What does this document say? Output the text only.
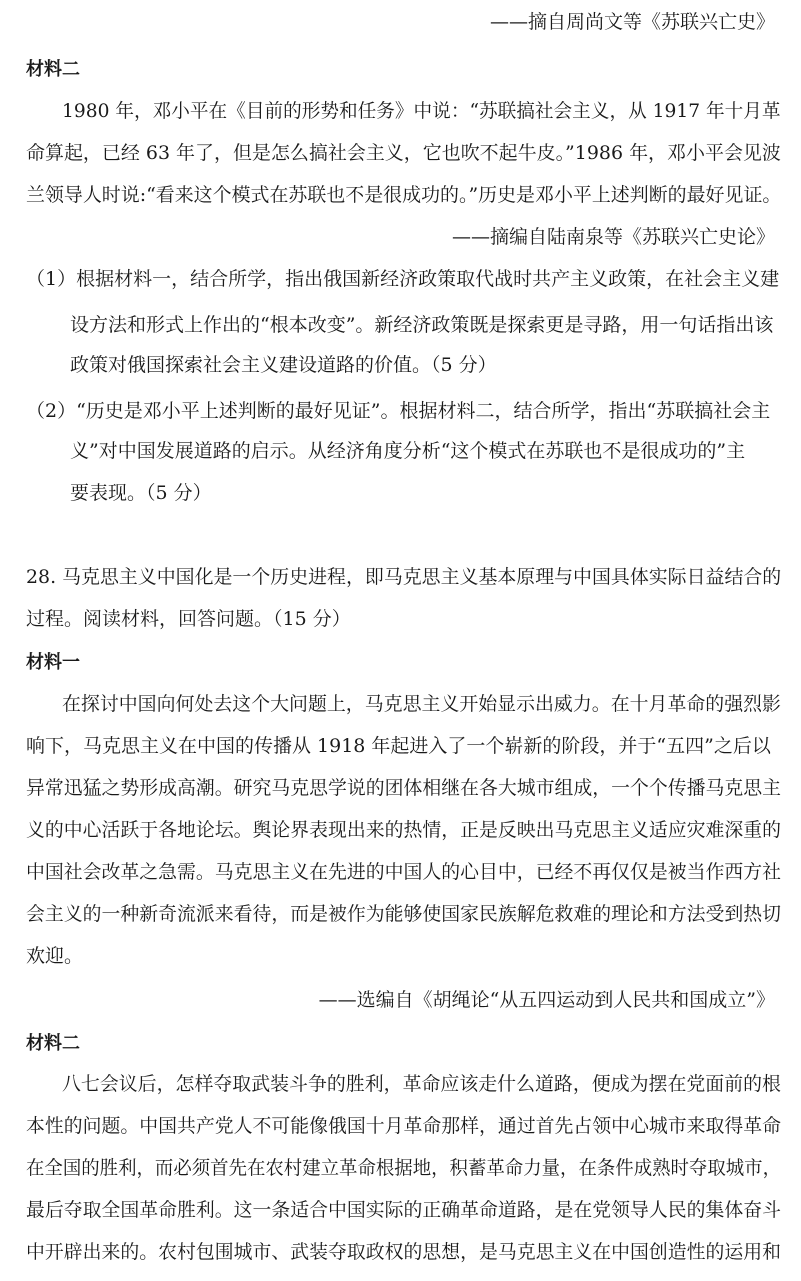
——摘自周尚文等《苏联兴亡史》
材料二
1980 年，邓小平在《目前的形势和任务》中说：“苏联搞社会主义，从 1917 年十月革
命算起，已经 63 年了，但是怎么搞社会主义，它也吹不起牛皮。”1986 年，邓小平会见波
兰领导人时说:“看来这个模式在苏联也不是很成功的。”历史是邓小平上述判断的最好见证。
——摘编自陆南泉等《苏联兴亡史论》
（1）根据材料一，结合所学，指出俄国新经济政策取代战时共产主义政策，在社会主义建
设方法和形式上作出的“根本改变”。新经济政策既是探索更是寻路，用一句话指出该
政策对俄国探索社会主义建设道路的价值。（5 分）
（2）“历史是邓小平上述判断的最好见证”。根据材料二，结合所学，指出“苏联搞社会主
义”对中国发展道路的启示。从经济角度分析“这个模式在苏联也不是很成功的”主
要表现。（5 分）
28. 马克思主义中国化是一个历史进程，即马克思主义基本原理与中国具体实际日益结合的
过程。阅读材料，回答问题。（15 分）
材料一
在探讨中国向何处去这个大问题上，马克思主义开始显示出威力。在十月革命的强烈影
响下，马克思主义在中国的传播从 1918 年起进入了一个崭新的阶段，并于“五四”之后以
异常迅猛之势形成高潮。研究马克思学说的团体相继在各大城市组成，一个个传播马克思主
义的中心活跃于各地论坛。舆论界表现出来的热情，正是反映出马克思主义适应灾难深重的
中国社会改革之急需。马克思主义在先进的中国人的心目中，已经不再仅仅是被当作西方社
会主义的一种新奇流派来看待，而是被作为能够使国家民族解危救难的理论和方法受到热切
欢迎。
——选编自《胡绳论“从五四运动到人民共和国成立”》
材料二
八七会议后，怎样夺取武装斗争的胜利，革命应该走什么道路，便成为摆在党面前的根
本性的问题。中国共产党人不可能像俄国十月革命那样，通过首先占领中心城市来取得革命
在全国的胜利，而必须首先在农村建立革命根据地，积蓄革命力量，在条件成熟时夺取城市，
最后夺取全国革命胜利。这一条适合中国实际的正确革命道路，是在党领导人民的集体奋斗
中开辟出来的。农村包围城市、武装夺取政权的思想，是马克思主义在中国创造性的运用和
